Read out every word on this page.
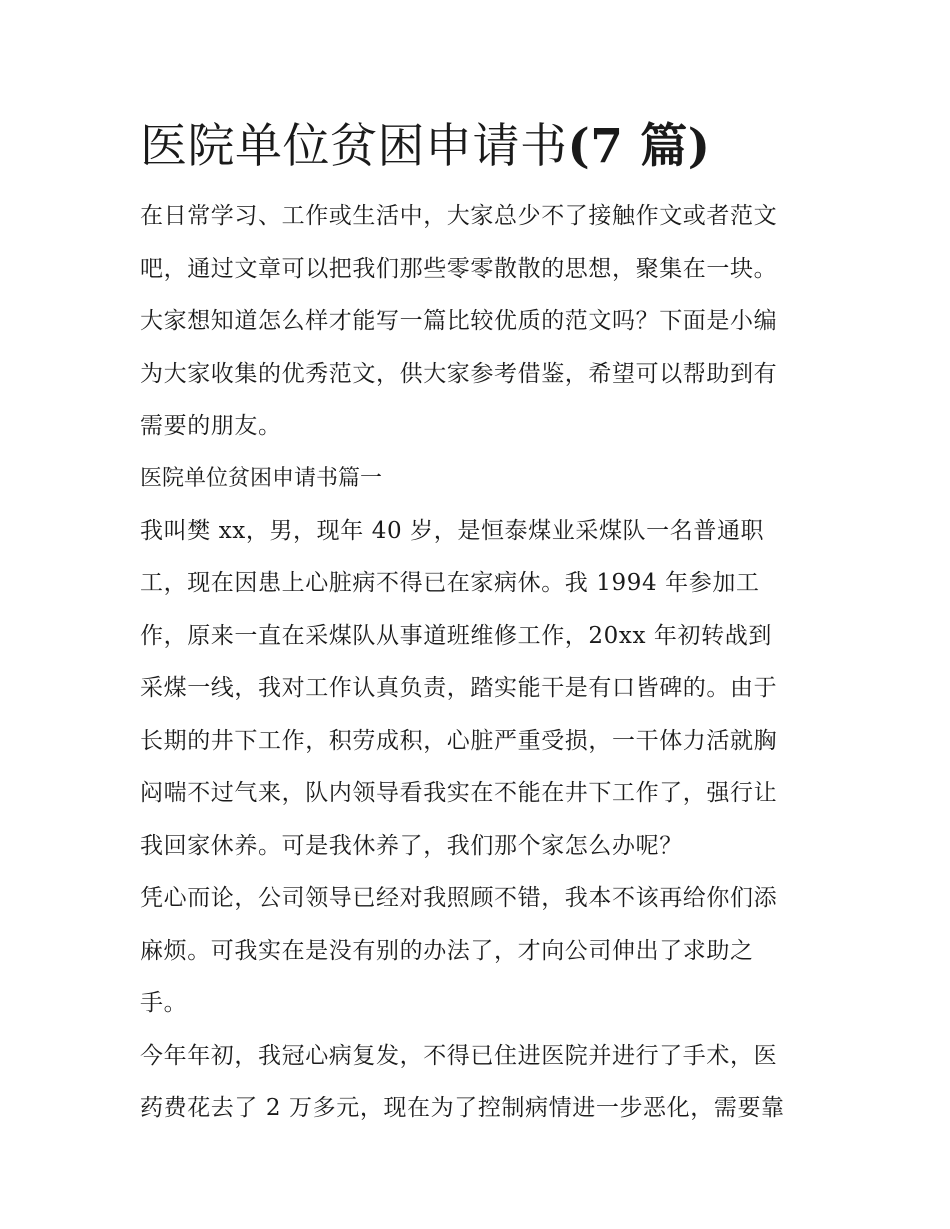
医院单位贫困申请书(7 篇)

在日常学习、工作或生活中，大家总少不了接触作文或者范文
吧，通过文章可以把我们那些零零散散的思想，聚集在一块。
大家想知道怎么样才能写一篇比较优质的范文吗？下面是小编
为大家收集的优秀范文，供大家参考借鉴，希望可以帮助到有
需要的朋友。

医院单位贫困申请书篇一

我叫樊 xx，男，现年 40 岁，是恒泰煤业采煤队一名普通职
工，现在因患上心脏病不得已在家病休。我 1994 年参加工
作，原来一直在采煤队从事道班维修工作，20xx 年初转战到
采煤一线，我对工作认真负责，踏实能干是有口皆碑的。由于
长期的井下工作，积劳成积，心脏严重受损，一干体力活就胸
闷喘不过气来，队内领导看我实在不能在井下工作了，强行让
我回家休养。可是我休养了，我们那个家怎么办呢？

凭心而论，公司领导已经对我照顾不错，我本不该再给你们添
麻烦。可我实在是没有别的办法了，才向公司伸出了求助之
手。

今年年初，我冠心病复发，不得已住进医院并进行了手术，医
药费花去了 2 万多元，现在为了控制病情进一步恶化，需要靠
